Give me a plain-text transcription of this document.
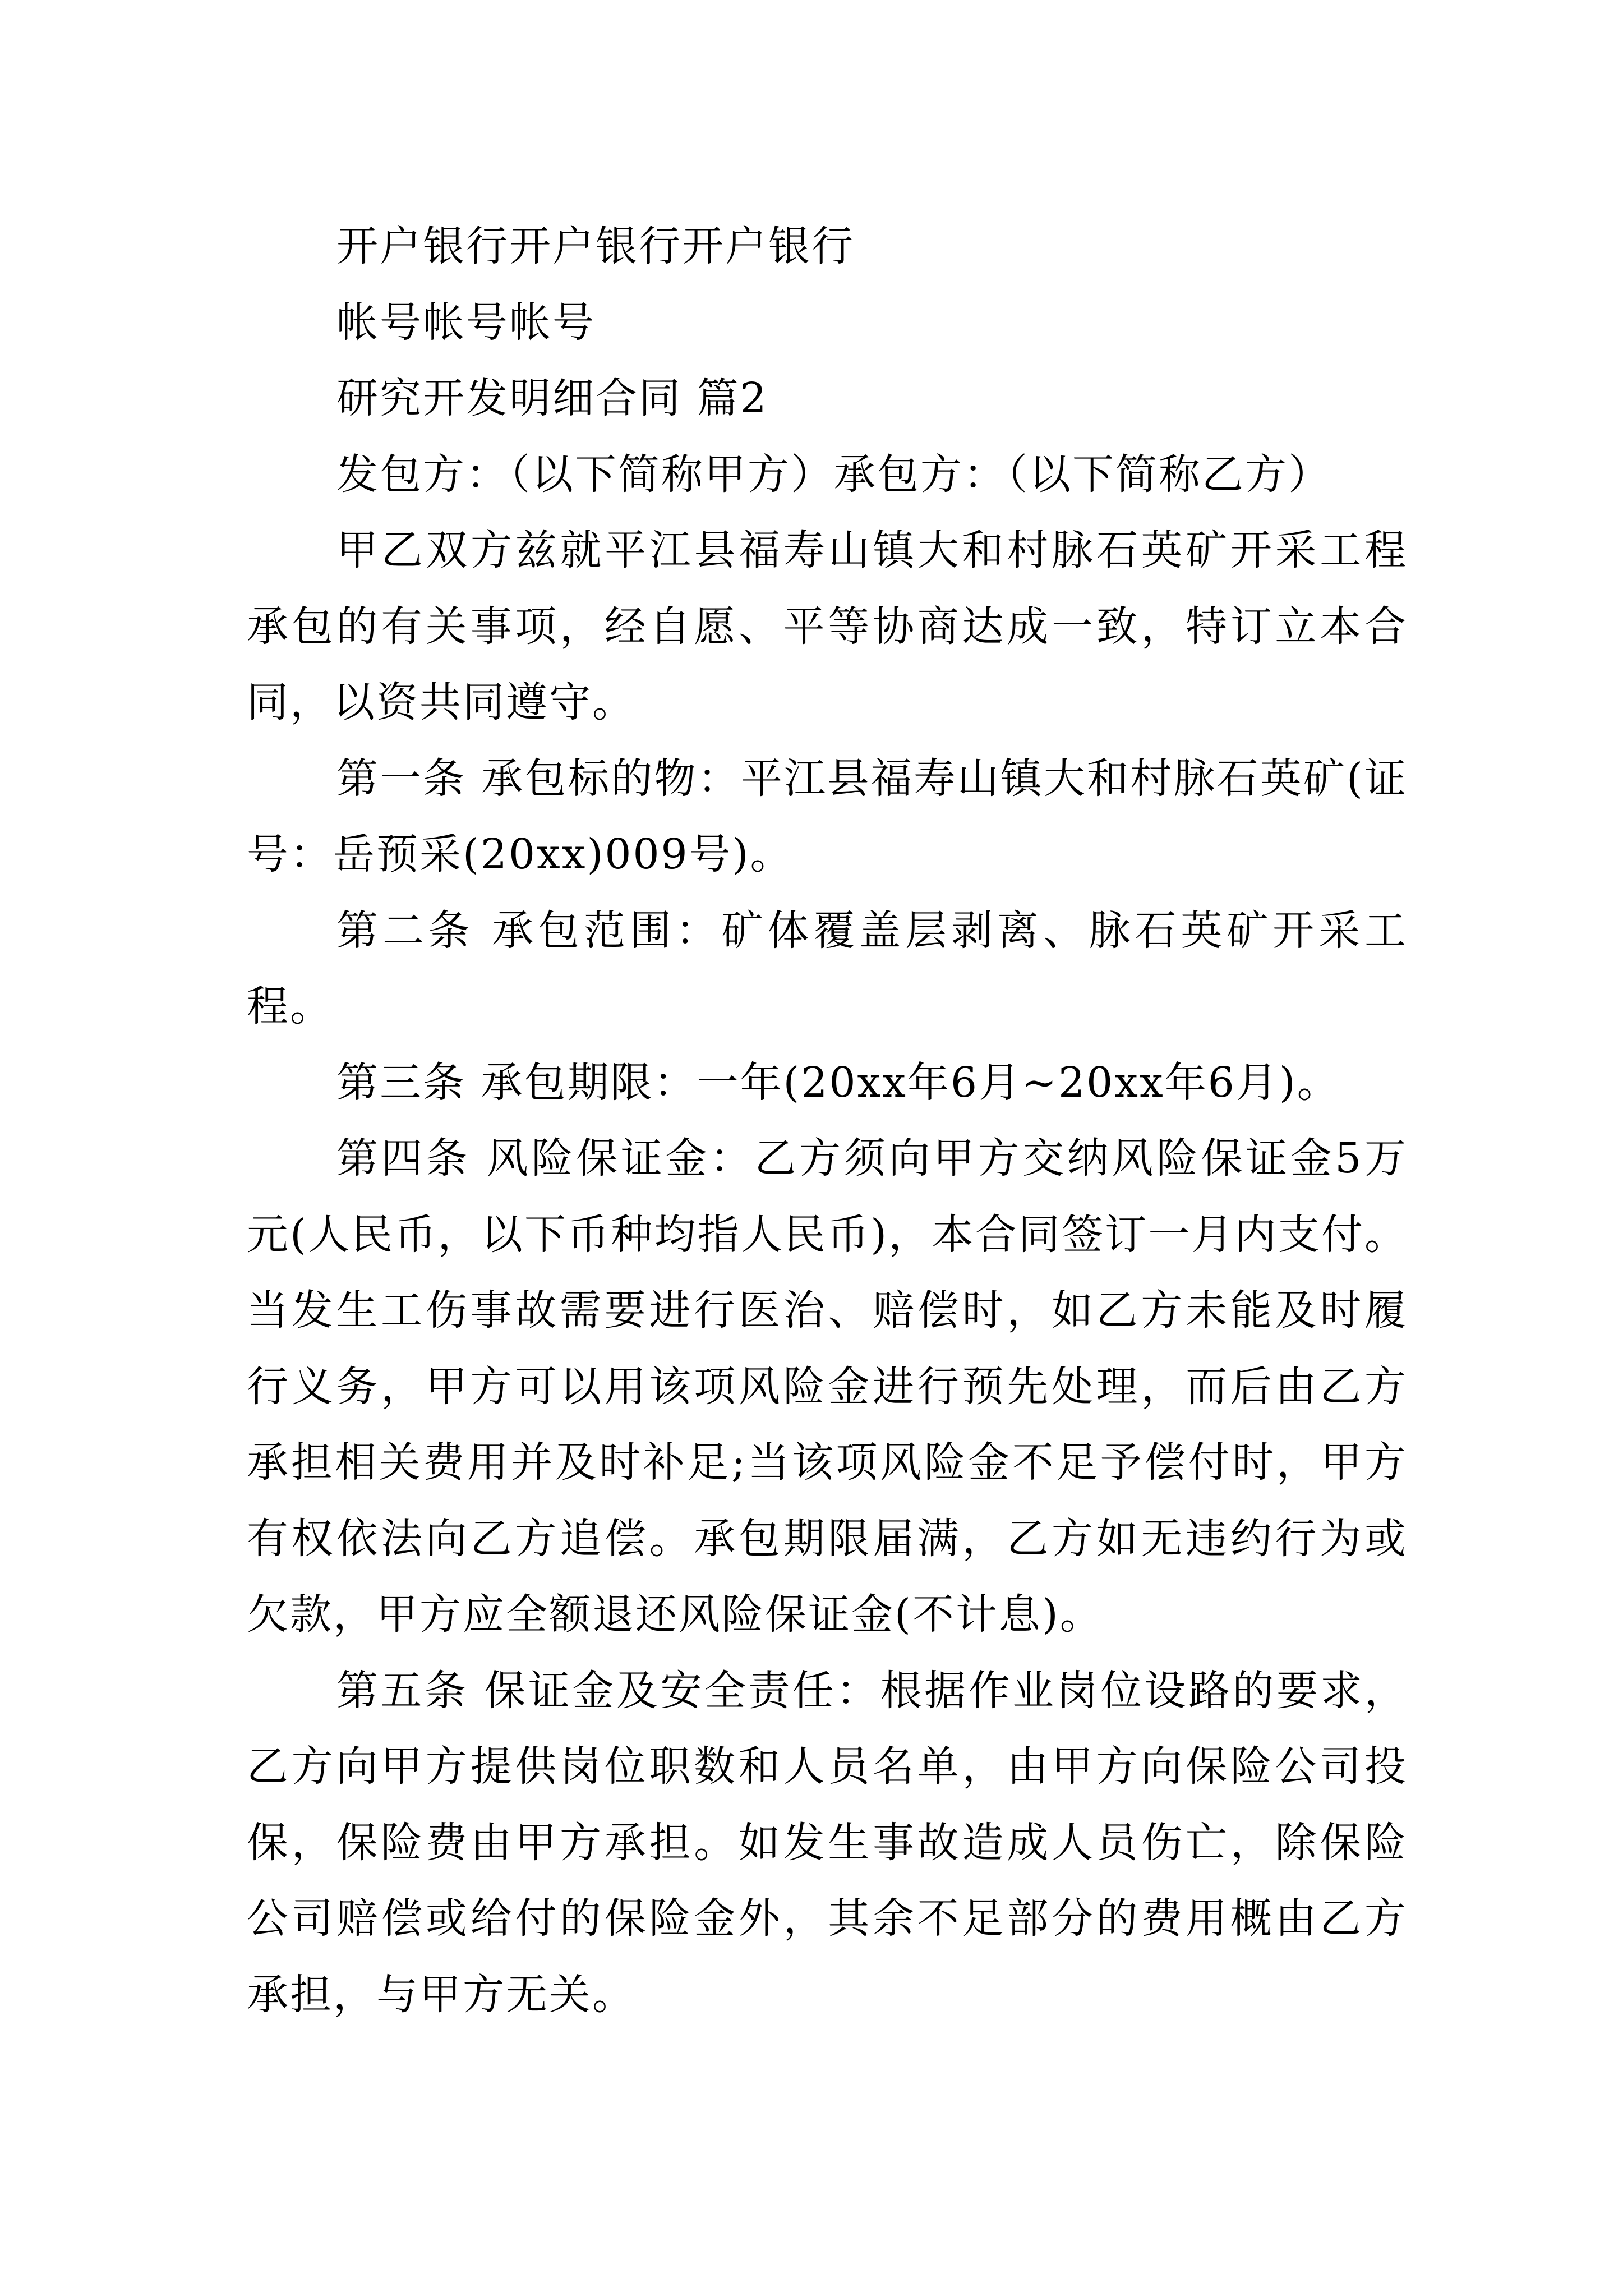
开户银行开户银行开户银行

帐号帐号帐号

研究开发明细合同 篇2

发包方：（以下简称甲方）承包方：（以下简称乙方）

甲乙双方兹就平江县福寿山镇大和村脉石英矿开采工程承包的有关事项，经自愿、平等协商达成一致，特订立本合同，以资共同遵守。

第一条 承包标的物：平江县福寿山镇大和村脉石英矿(证号：岳预采(20xx)009号)。

第二条 承包范围：矿体覆盖层剥离、脉石英矿开采工程。

第三条 承包期限：一年(20xx年6月~20xx年6月)。

第四条 风险保证金：乙方须向甲方交纳风险保证金5万元(人民币，以下币种均指人民币)，本合同签订一月内支付。当发生工伤事故需要进行医治、赔偿时，如乙方未能及时履行义务，甲方可以用该项风险金进行预先处理，而后由乙方承担相关费用并及时补足;当该项风险金不足予偿付时，甲方有权依法向乙方追偿。承包期限届满，乙方如无违约行为或欠款，甲方应全额退还风险保证金(不计息)。

第五条 保证金及安全责任：根据作业岗位设路的要求，乙方向甲方提供岗位职数和人员名单，由甲方向保险公司投保，保险费由甲方承担。如发生事故造成人员伤亡，除保险公司赔偿或给付的保险金外，其余不足部分的费用概由乙方承担，与甲方无关。
